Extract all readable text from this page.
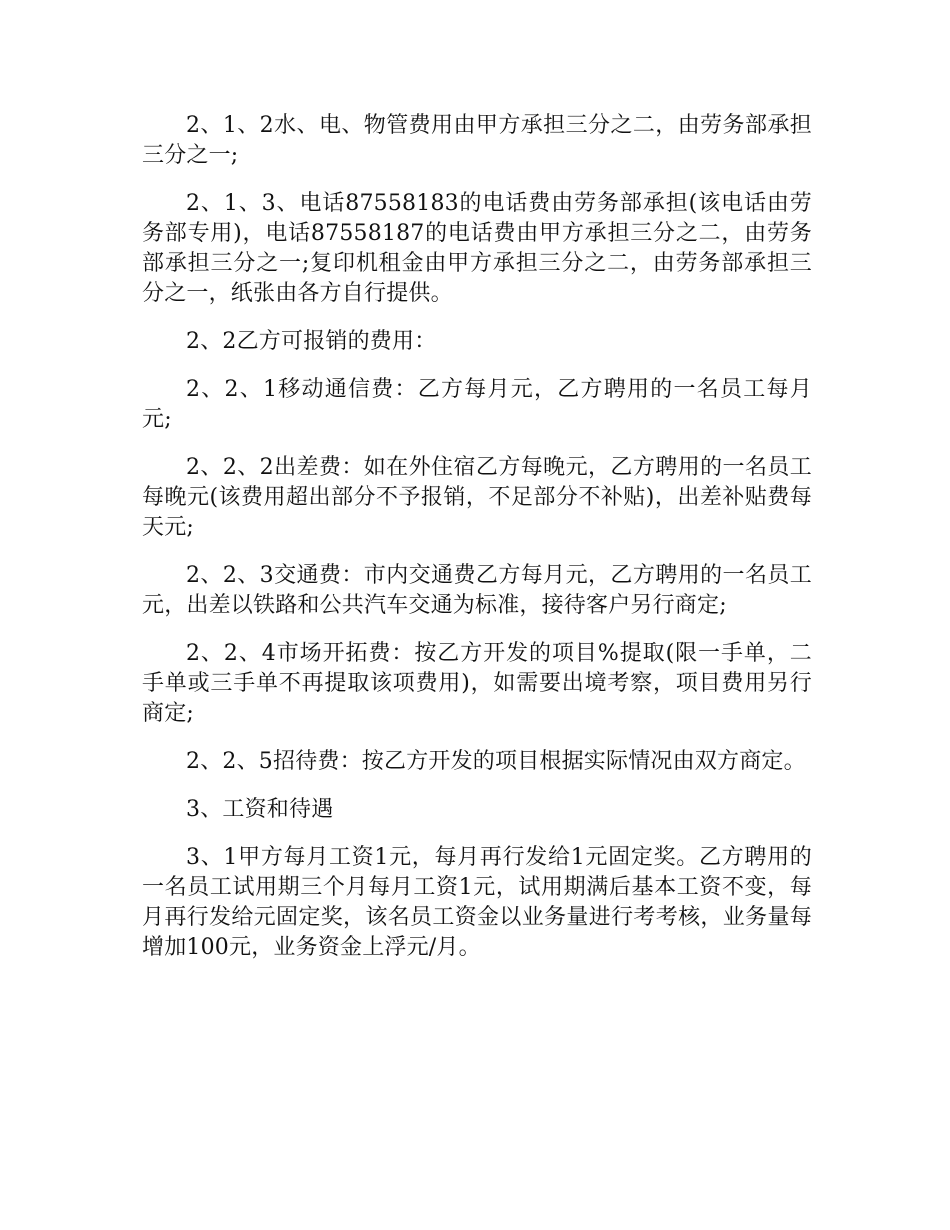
2、1、2水、电、物管费用由甲方承担三分之二，由劳务部承担三分之一;

2、1、3、电话87558183的电话费由劳务部承担(该电话由劳务部专用)，电话87558187的电话费由甲方承担三分之二，由劳务部承担三分之一;复印机租金由甲方承担三分之二，由劳务部承担三分之一，纸张由各方自行提供。

2、2乙方可报销的费用：

2、2、1移动通信费：乙方每月元，乙方聘用的一名员工每月元;

2、2、2出差费：如在外住宿乙方每晚元，乙方聘用的一名员工每晚元(该费用超出部分不予报销，不足部分不补贴)，出差补贴费每天元;

2、2、3交通费：市内交通费乙方每月元，乙方聘用的一名员工元，出差以铁路和公共汽车交通为标准，接待客户另行商定;

2、2、4市场开拓费：按乙方开发的项目%提取(限一手单，二手单或三手单不再提取该项费用)，如需要出境考察，项目费用另行商定;

2、2、5招待费：按乙方开发的项目根据实际情况由双方商定。

3、工资和待遇

3、1甲方每月工资1元，每月再行发给1元固定奖。乙方聘用的一名员工试用期三个月每月工资1元，试用期满后基本工资不变，每月再行发给元固定奖，该名员工资金以业务量进行考考核，业务量每增加100元，业务资金上浮元/月。
